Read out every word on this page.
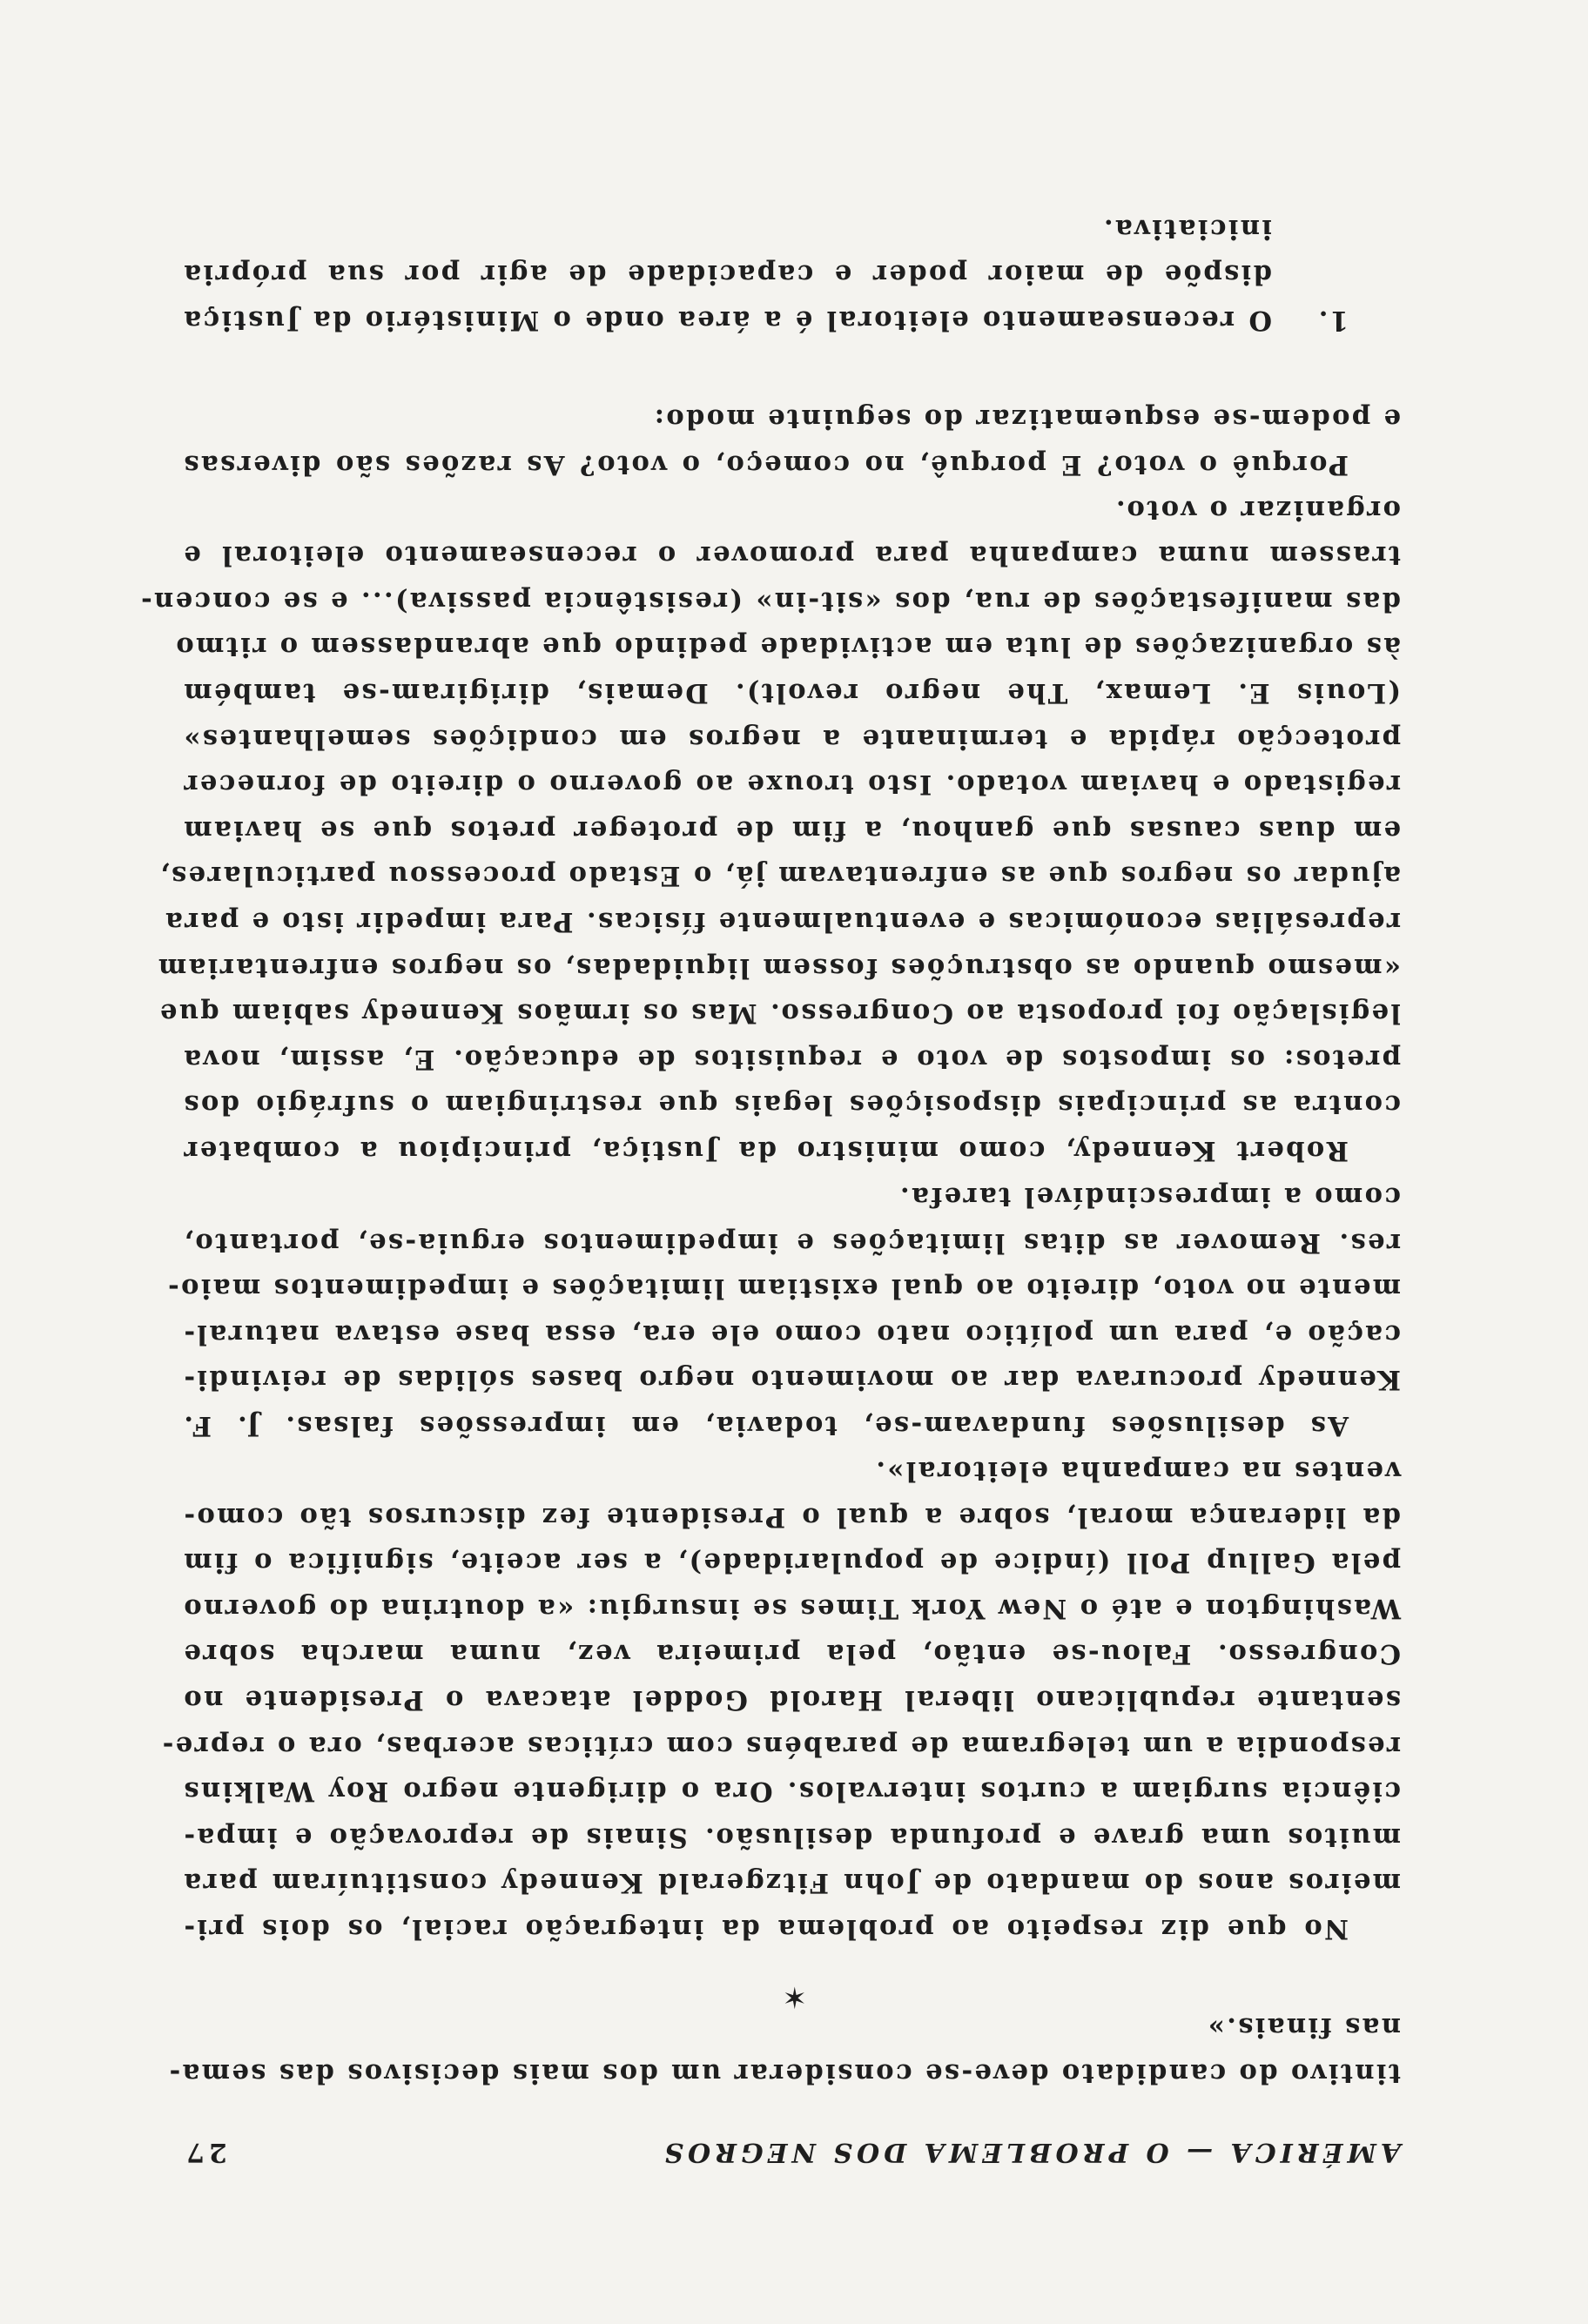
AMÉRICA — O PROBLEMA DOS NEGROS
27
tintivo do candidato deve-se considerar um dos mais decisivos das sema-
nas finais.»
✶
No que diz respeito ao problema da integração racial, os dois pri-
meiros anos do mandato de John Fitzgerald Kennedy constituíram para
muitos uma grave e profunda desilusão. Sinais de reprovação e impa-
ciência surgiam a curtos intervalos. Ora o dirigente negro Roy Walkins
respondia a um telegrama de parabéns com críticas acerbas, ora o repre-
sentante republicano liberal Harold Goddel atacava o Presidente no
Congresso. Falou-se então, pela primeira vez, numa marcha sobre
Washington e até o New York Times se insurgiu: «a doutrina do governo
pela Gallup Poll (índice de popularidade), a ser aceite, significa o fim
da liderança moral, sobre a qual o Presidente fez discursos tão como-
ventes na campanha eleitoral».
As desilusões fundavam-se, todavia, em impressões falsas. J. F.
Kennedy procurava dar ao movimento negro bases sólidas de reivindi-
cação e, para um político nato como ele era, essa base estava natural-
mente no voto, direito ao qual existiam limitações e impedimentos maio-
res. Remover as ditas limitações e impedimentos erguia-se, portanto,
como a imprescindível tarefa.
Robert Kennedy, como ministro da Justiça, principiou a combater
contra as principais disposições legais que restringiam o sufrágio dos
pretos: os impostos de voto e requisitos de educação. E, assim, nova
legislação foi proposta ao Congresso. Mas os irmãos Kennedy sabiam que
«mesmo quando as obstruções fossem liquidadas, os negros enfrentariam
represálias económicas e eventualmente físicas. Para impedir isto e para
ajudar os negros que as enfrentavam já, o Estado processou particulares,
em duas causas que ganhou, a fim de proteger pretos que se haviam
registado e haviam votado. Isto trouxe ao governo o direito de fornecer
protecção rápida e terminante a negros em condições semelhantes»
(Louis E. Lemax, The negro revolt). Demais, dirigiram-se também
às organizações de luta em actividade pedindo que abrandassem o ritmo
das manifestações de rua, dos «sit-in» (resistência passiva)... e se concen-
trassem numa campanha para promover o recenseamento eleitoral e
organizar o voto.
Porquê o voto? E porquê, no começo, o voto? As razões são diversas
e podem-se esquematizar do seguinte modo:
1.
O recenseamento eleitoral é a área onde o Ministério da Justiça
dispõe de maior poder e capacidade de agir por sua própria
iniciativa.
